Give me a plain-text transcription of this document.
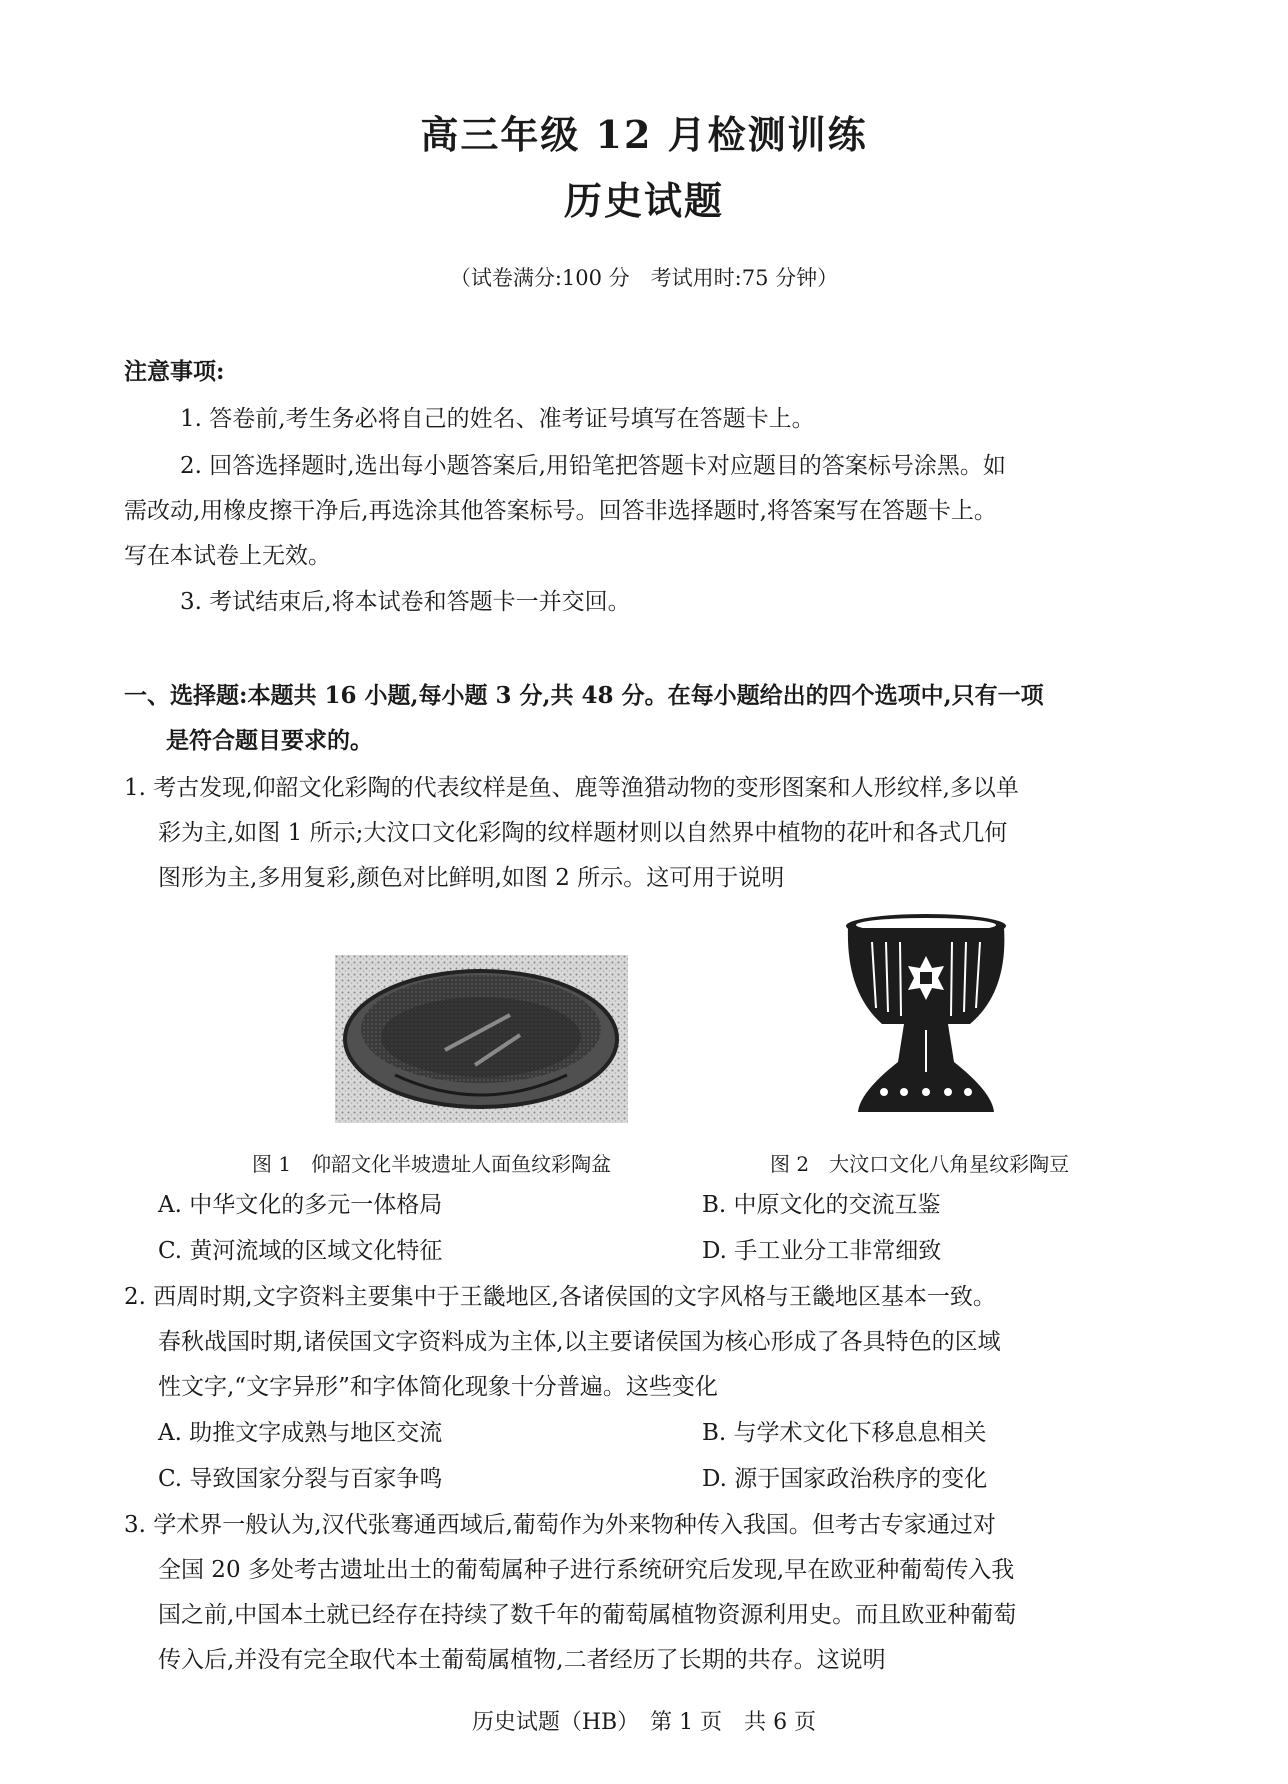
高三年级 12 月检测训练
历史试题
（试卷满分:100 分　考试用时:75 分钟）
注意事项:
1. 答卷前,考生务必将自己的姓名、准考证号填写在答题卡上。
2. 回答选择题时,选出每小题答案后,用铅笔把答题卡对应题目的答案标号涂黑。如
需改动,用橡皮擦干净后,再选涂其他答案标号。回答非选择题时,将答案写在答题卡上。
写在本试卷上无效。
3. 考试结束后,将本试卷和答题卡一并交回。
一、选择题:本题共 16 小题,每小题 3 分,共 48 分。在每小题给出的四个选项中,只有一项
是符合题目要求的。
1. 考古发现,仰韶文化彩陶的代表纹样是鱼、鹿等渔猎动物的变形图案和人形纹样,多以单
彩为主,如图 1 所示;大汶口文化彩陶的纹样题材则以自然界中植物的花叶和各式几何
图形为主,多用复彩,颜色对比鲜明,如图 2 所示。这可用于说明
图 1　仰韶文化半坡遗址人面鱼纹彩陶盆	图 2　大汶口文化八角星纹彩陶豆
A. 中华文化的多元一体格局	B. 中原文化的交流互鉴
C. 黄河流域的区域文化特征	D. 手工业分工非常细致
2. 西周时期,文字资料主要集中于王畿地区,各诸侯国的文字风格与王畿地区基本一致。
春秋战国时期,诸侯国文字资料成为主体,以主要诸侯国为核心形成了各具特色的区域
性文字,“文字异形”和字体简化现象十分普遍。这些变化
A. 助推文字成熟与地区交流	B. 与学术文化下移息息相关
C. 导致国家分裂与百家争鸣	D. 源于国家政治秩序的变化
3. 学术界一般认为,汉代张骞通西域后,葡萄作为外来物种传入我国。但考古专家通过对
全国 20 多处考古遗址出土的葡萄属种子进行系统研究后发现,早在欧亚种葡萄传入我
国之前,中国本土就已经存在持续了数千年的葡萄属植物资源利用史。而且欧亚种葡萄
传入后,并没有完全取代本土葡萄属植物,二者经历了长期的共存。这说明
历史试题（HB）　第 1 页　共 6 页
